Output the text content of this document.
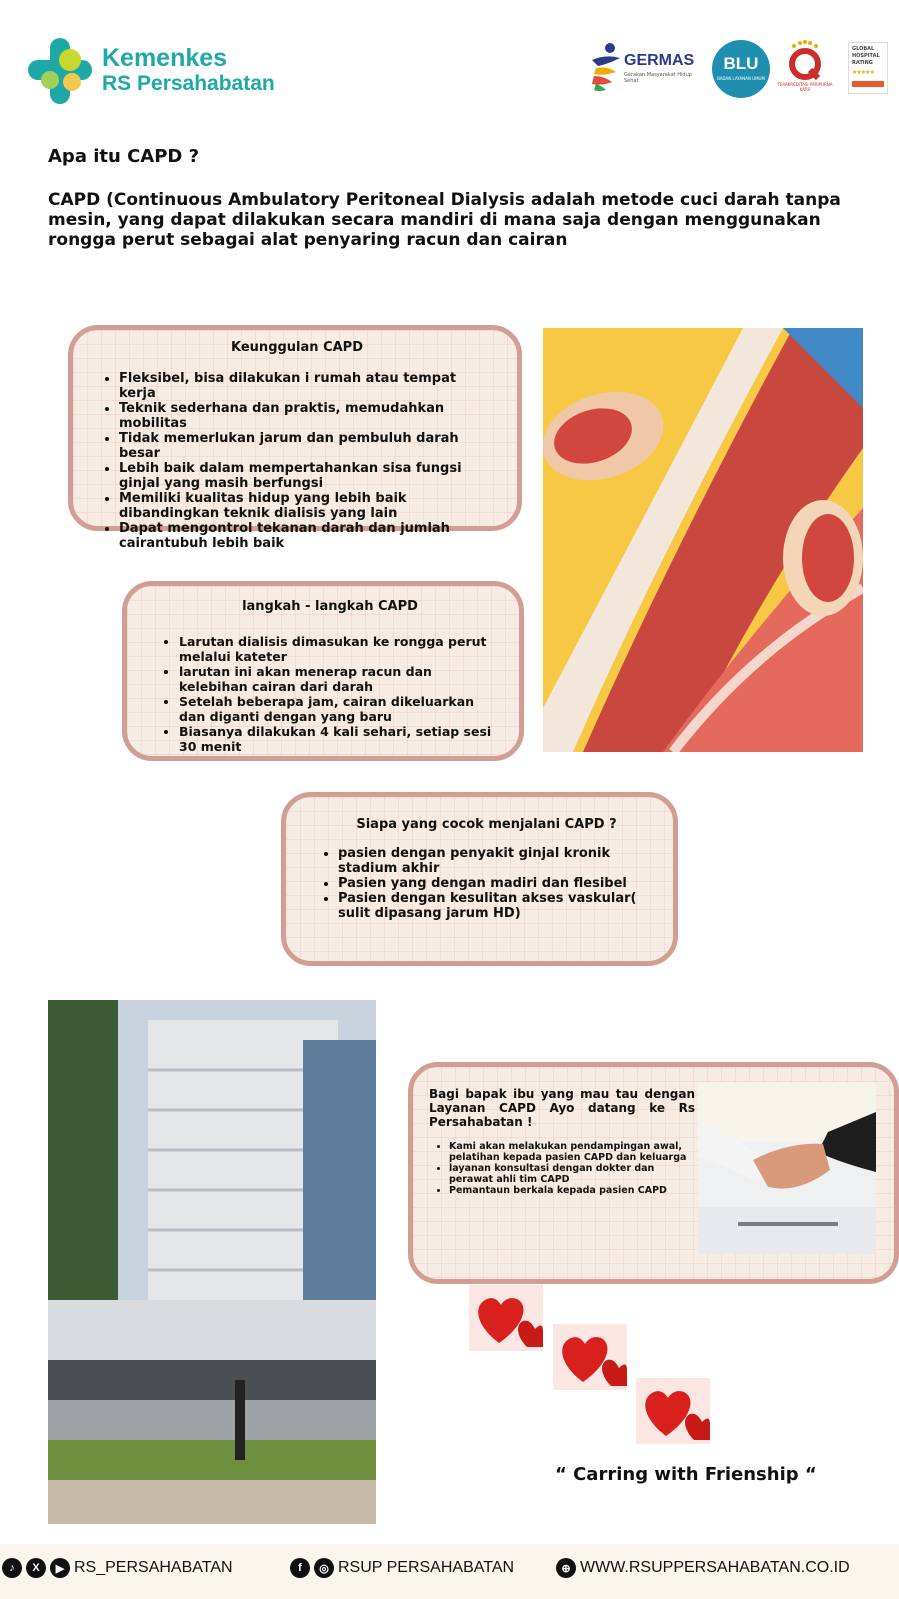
Kemenkes
RS Persahabatan
GERMAS
Gerakan Masyarakat Hidup Sehat
BLU
BADAN LAYANAN UMUM
TERAKREDITASI PARIPURNA KARS
GLOBAL HOSPITAL RATING
★★★★★
Apa itu CAPD ?
CAPD (Continuous Ambulatory Peritoneal Dialysis adalah metode cuci darah tanpa mesin, yang dapat dilakukan secara mandiri di mana saja dengan menggunakan rongga perut sebagai alat penyaring racun dan cairan
Keunggulan CAPD
• Fleksibel, bisa dilakukan i rumah atau tempat kerja
• Teknik sederhana dan praktis, memudahkan mobilitas
• Tidak memerlukan jarum dan pembuluh darah besar
• Lebih baik dalam mempertahankan sisa fungsi ginjal yang masih berfungsi
• Memiliki kualitas hidup yang lebih baik dibandingkan teknik dialisis yang lain
• Dapat mengontrol tekanan darah dan jumlah cairantubuh lebih baik
langkah - langkah CAPD
• Larutan dialisis dimasukan ke rongga perut melalui kateter
• larutan ini akan menerap racun dan kelebihan cairan dari darah
• Setelah beberapa jam, cairan dikeluarkan dan diganti dengan yang baru
• Biasanya dilakukan 4 kali sehari, setiap sesi 30 menit
Siapa yang cocok menjalani CAPD ?
• pasien dengan penyakit ginjal kronik stadium akhir
• Pasien yang dengan madiri dan flesibel
• Pasien dengan kesulitan akses vaskular( sulit dipasang jarum HD)
Bagi bapak ibu yang mau tau dengan Layanan CAPD Ayo datang ke Rs Persahabatan !
• Kami akan melakukan pendampingan awal, pelatihan kepada pasien CAPD dan keluarga
• layanan konsultasi dengan dokter dan perawat ahli tim CAPD
• Pemantaun berkala kepada pasien CAPD
“ Carring with Frienship “
♪	X	▶ RS_PERSAHABATAN	f	◎ RSUP PERSAHABATAN	⊕ WWW.RSUPPERSAHABATAN.CO.ID
